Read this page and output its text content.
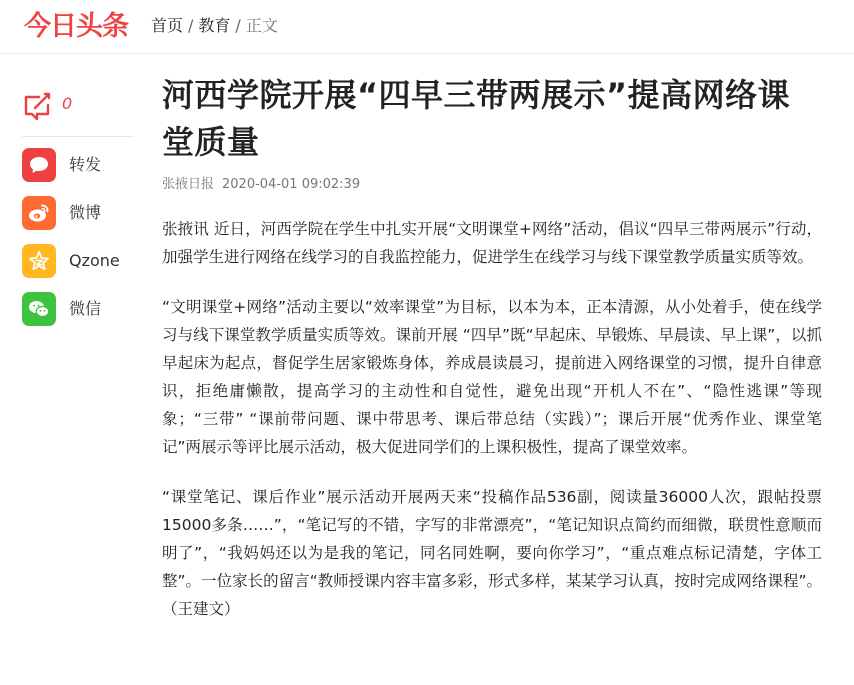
今日头条 首页 / 教育 / 正文
0
转发
微博
Qzone
微信
河西学院开展“四早三带两展示”提高网络课堂质量
张掖日报 2020-04-01 09:02:39

张掖讯 近日，河西学院在学生中扎实开展“文明课堂+网络”活动，倡议“四早三带两展示”行动，加强学生进行网络在线学习的自我监控能力，促进学生在线学习与线下课堂教学质量实质等效。

“文明课堂+网络”活动主要以“效率课堂”为目标，以本为本，正本清源，从小处着手，使在线学习与线下课堂教学质量实质等效。课前开展 “四早”既“早起床、早锻炼、早晨读、早上课”，以抓早起床为起点，督促学生居家锻炼身体，养成晨读晨习，提前进入网络课堂的习惯，提升自律意识，拒绝庸懒散，提高学习的主动性和自觉性，避免出现“开机人不在”、“隐性逃课”等现象；“三带” “课前带问题、课中带思考、课后带总结（实践）”；课后开展“优秀作业、课堂笔记”两展示等评比展示活动，极大促进同学们的上课积极性，提高了课堂效率。

“课堂笔记、课后作业”展示活动开展两天来“投稿作品536副，阅读量36000人次，跟帖投票15000多条……”，“笔记写的不错，字写的非常漂亮”，“笔记知识点简约而细微，联贯性意顺而明了”，“我妈妈还以为是我的笔记，同名同姓啊，要向你学习”，“重点难点标记清楚，字体工整”。一位家长的留言“教师授课内容丰富多彩，形式多样，某某学习认真，按时完成网络课程”。（王建文）
